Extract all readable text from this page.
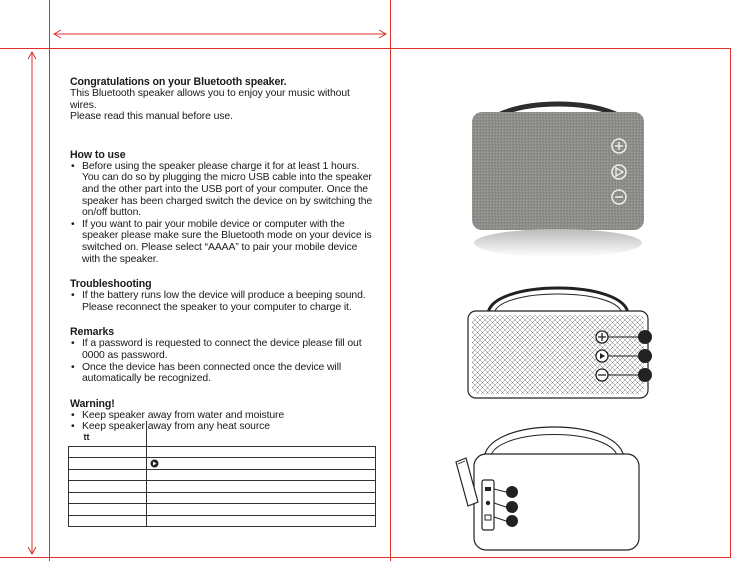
Congratulations on your Bluetooth speaker.

This Bluetooth speaker allows you to enjoy your music without wires.

Please read this manual before use.

How to use

• Before using the speaker please charge it for at least 1 hours. You can do so by plugging the micro USB cable into the speaker and the other part into the USB port of your computer. Once the speaker has been charged switch the device on by switching the on/off button.

• If you want to pair your mobile device or computer with the speaker please make sure the Bluetooth mode on your device is switched on. Please select “AAAA” to pair your mobile device with the speaker.

Troubleshooting

• If the battery runs low the device will produce a beeping sound. Please reconnect the speaker to your computer to charge it.

Remarks

• If a password is requested to connect the device please fill out 0000 as password.

• Once the device has been connected once the device will automatically be recognized.

Warning!

• Keep speaker away from water and moisture

• Keep speaker away from any heat source

tt	
